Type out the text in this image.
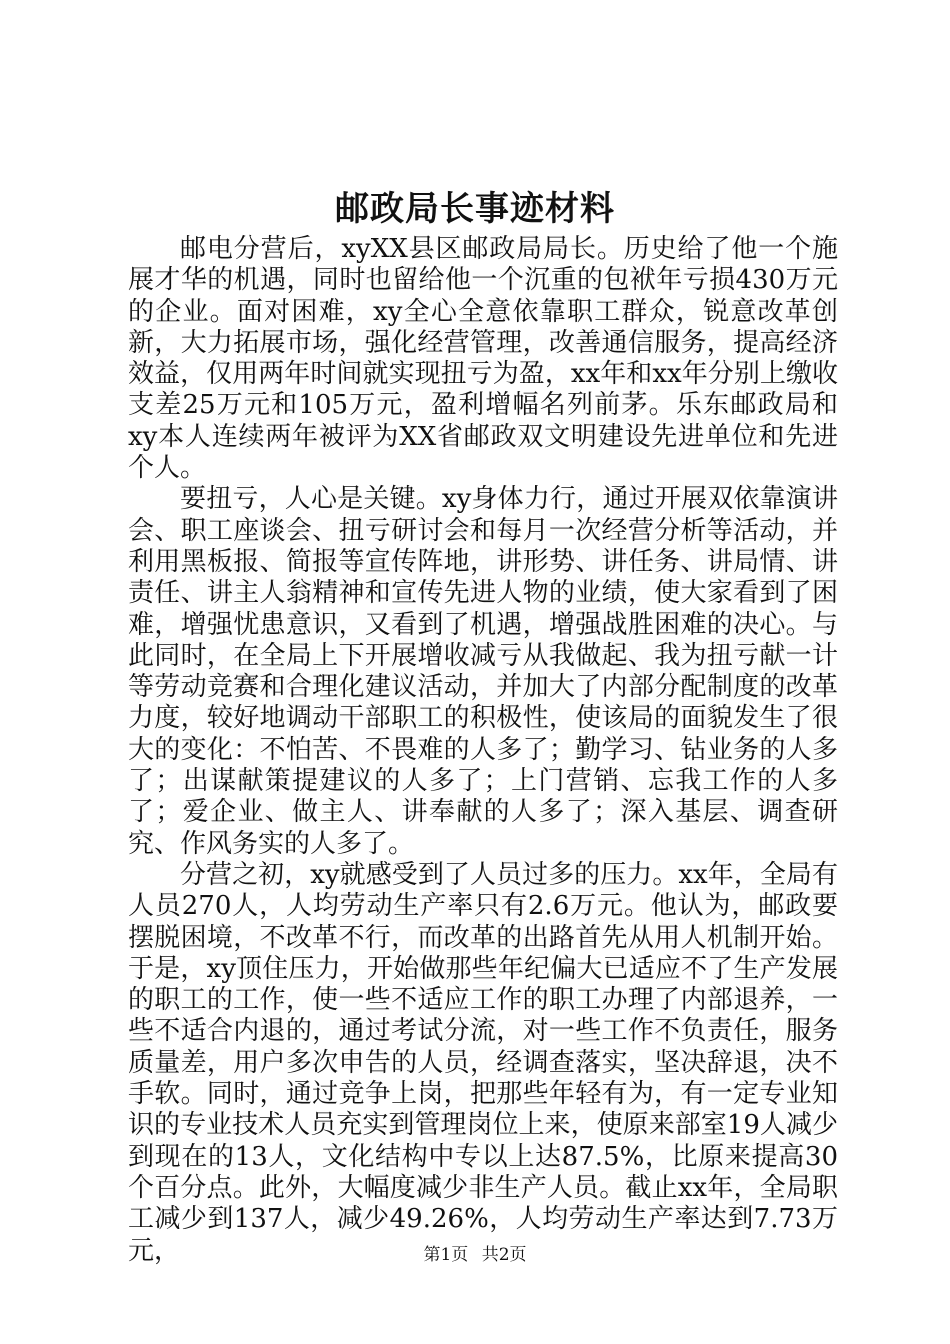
邮政局长事迹材料

邮电分营后，xyXX县区邮政局局长。历史给了他一个施展才华的机遇，同时也留给他一个沉重的包袱年亏损430万元的企业。面对困难，xy全心全意依靠职工群众，锐意改革创新，大力拓展市场，强化经营管理，改善通信服务，提高经济效益，仅用两年时间就实现扭亏为盈，xx年和xx年分别上缴收支差25万元和105万元，盈利增幅名列前茅。乐东邮政局和xy本人连续两年被评为XX省邮政双文明建设先进单位和先进个人。

要扭亏，人心是关键。xy身体力行，通过开展双依靠演讲会、职工座谈会、扭亏研讨会和每月一次经营分析等活动，并利用黑板报、简报等宣传阵地，讲形势、讲任务、讲局情、讲责任、讲主人翁精神和宣传先进人物的业绩，使大家看到了困难，增强忧患意识，又看到了机遇，增强战胜困难的决心。与此同时，在全局上下开展增收减亏从我做起、我为扭亏献一计等劳动竞赛和合理化建议活动，并加大了内部分配制度的改革力度，较好地调动干部职工的积极性，使该局的面貌发生了很大的变化：不怕苦、不畏难的人多了；勤学习、钻业务的人多了；出谋献策提建议的人多了；上门营销、忘我工作的人多了；爱企业、做主人、讲奉献的人多了；深入基层、调查研究、作风务实的人多了。

分营之初，xy就感受到了人员过多的压力。xx年，全局有人员270人，人均劳动生产率只有2.6万元。他认为，邮政要摆脱困境，不改革不行，而改革的出路首先从用人机制开始。于是，xy顶住压力，开始做那些年纪偏大已适应不了生产发展的职工的工作，使一些不适应工作的职工办理了内部退养，一些不适合内退的，通过考试分流，对一些工作不负责任，服务质量差，用户多次申告的人员，经调查落实，坚决辞退，决不手软。同时，通过竞争上岗，把那些年轻有为，有一定专业知识的专业技术人员充实到管理岗位上来，使原来部室19人减少到现在的13人，文化结构中专以上达87.5%，比原来提高30个百分点。此外，大幅度减少非生产人员。截止xx年，全局职工减少到137人，减少49.26%，人均劳动生产率达到7.73万元，	第1页 共2页
